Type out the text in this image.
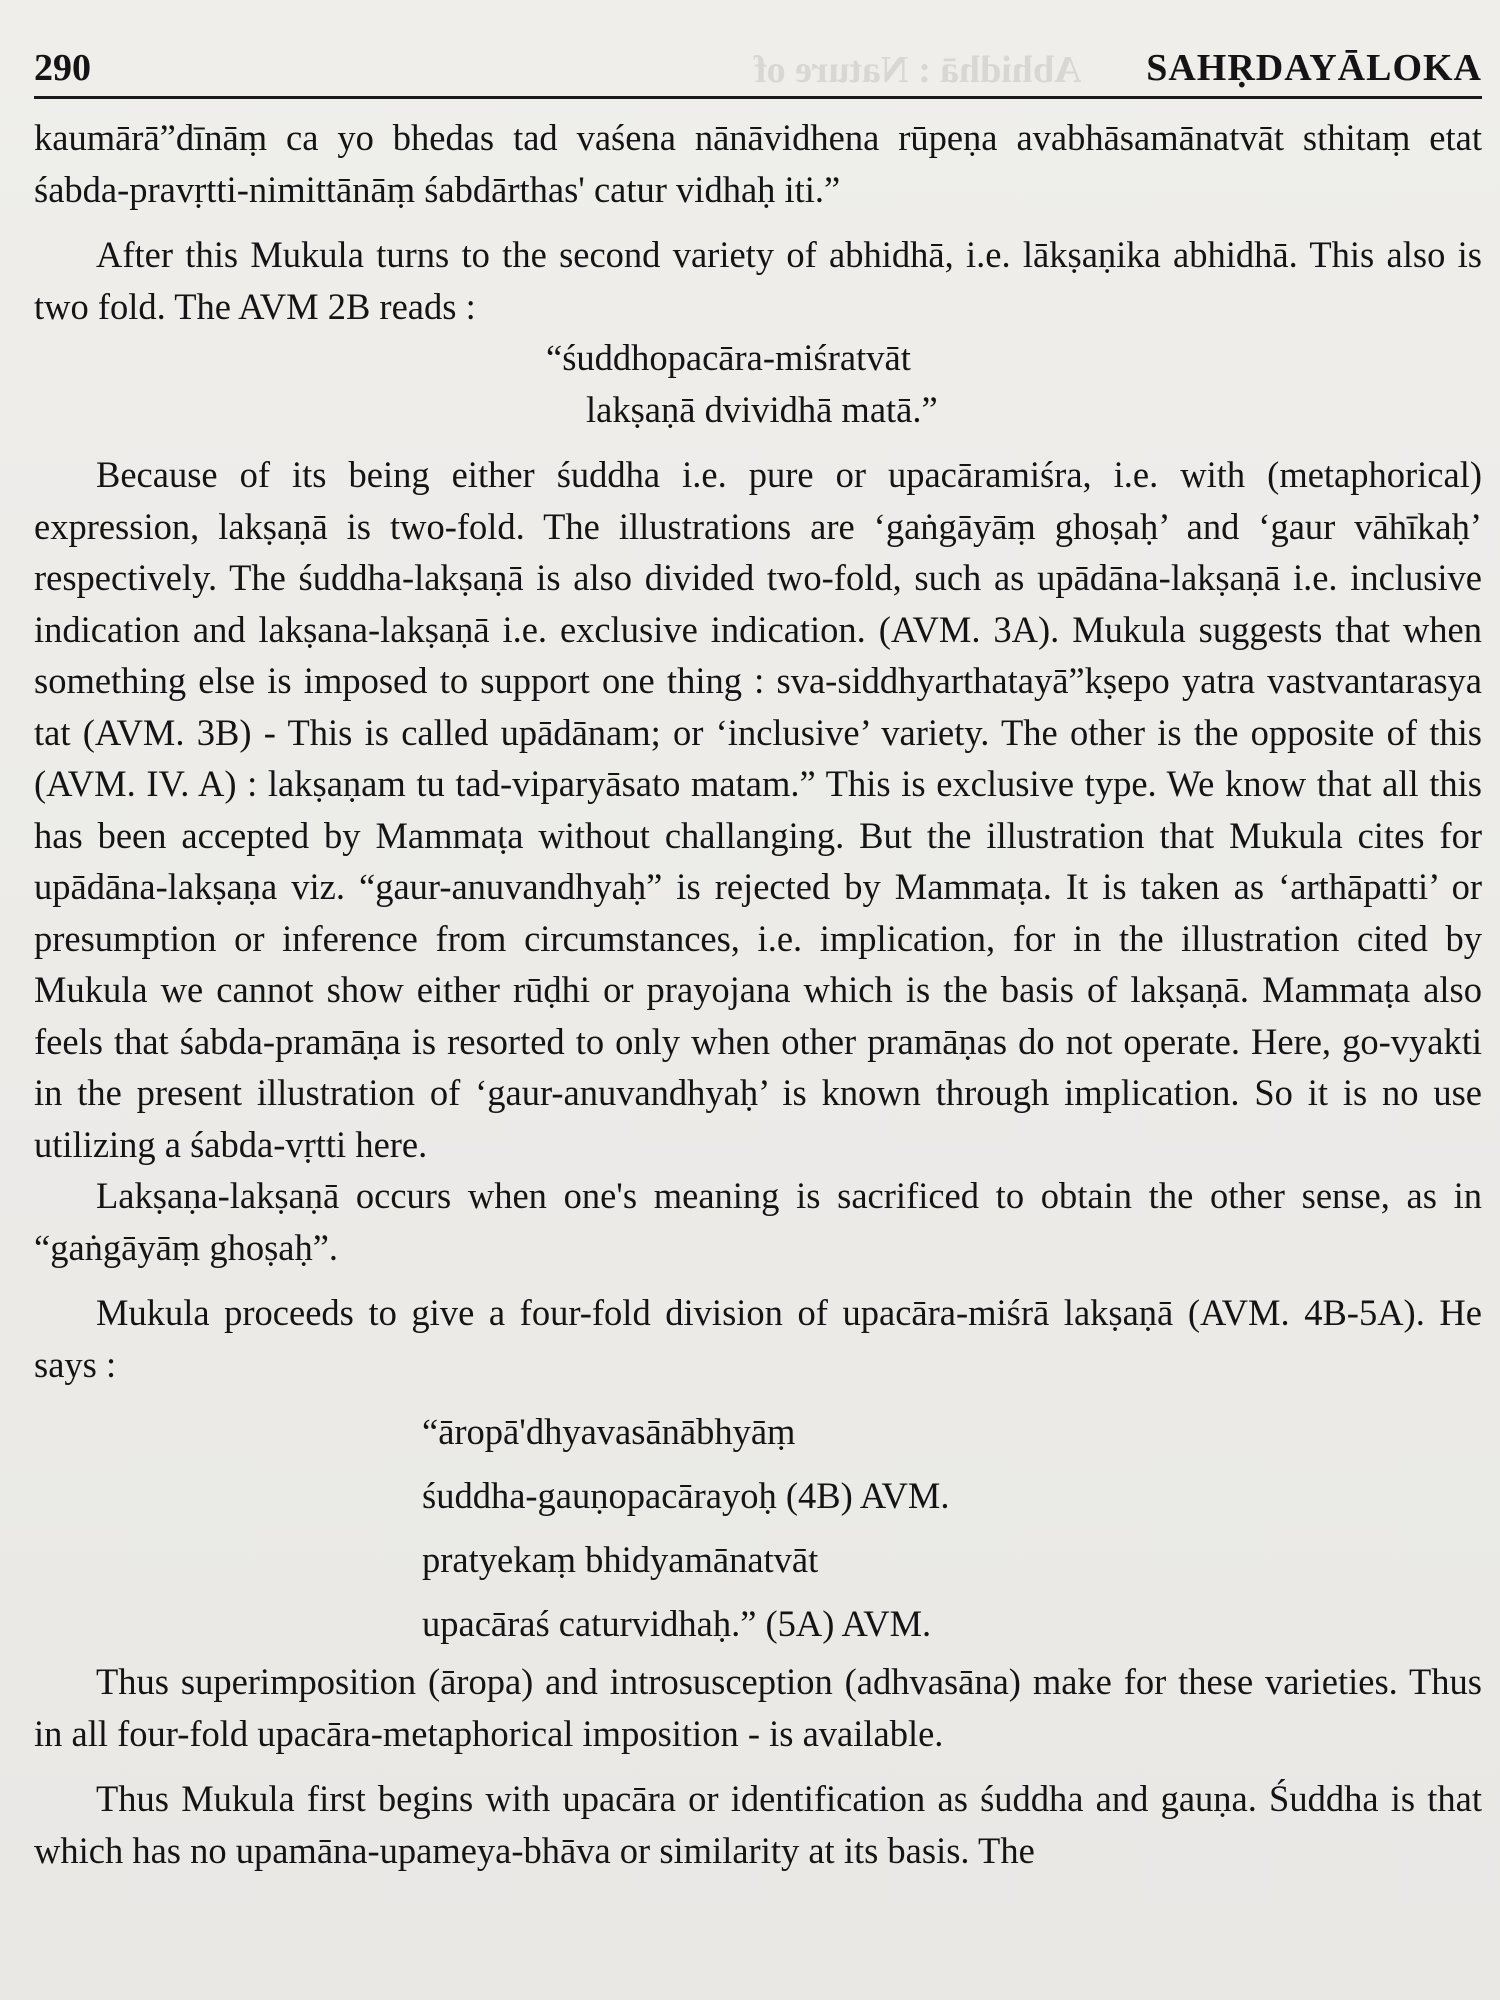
290	Abhidhā : Nature of SAHṚDAYĀLOKA

kaumārā”dīnāṃ ca yo bhedas tad vaśena nānāvidhena rūpeṇa avabhāsamānatvāt sthitaṃ etat śabda-pravṛtti-nimittānāṃ śabdārthas' catur vidhaḥ iti.”

After this Mukula turns to the second variety of abhidhā, i.e. lākṣaṇika abhidhā. This also is two fold. The AVM 2B reads :

“śuddhopacāra-miśratvāt

lakṣaṇā dvividhā matā.”

Because of its being either śuddha i.e. pure or upacāramiśra, i.e. with (metaphorical) expression, lakṣaṇā is two-fold. The illustrations are ‘gaṅgāyāṃ ghoṣaḥ’ and ‘gaur vāhīkaḥ’ respectively. The śuddha-lakṣaṇā is also divided two-fold, such as upādāna-lakṣaṇā i.e. inclusive indication and lakṣana-lakṣaṇā i.e. exclusive indication. (AVM. 3A). Mukula suggests that when something else is imposed to support one thing : sva-siddhyarthatayā”kṣepo yatra vastvantarasya tat (AVM. 3B) - This is called upādānam; or ‘inclusive’ variety. The other is the opposite of this (AVM. IV. A) : lakṣaṇam tu tad-viparyāsato matam.” This is exclusive type. We know that all this has been accepted by Mammaṭa without challanging. But the illustration that Mukula cites for upādāna-lakṣaṇa viz. “gaur-anuvandhyaḥ” is rejected by Mammaṭa. It is taken as ‘arthāpatti’ or presumption or inference from circumstances, i.e. implication, for in the illustration cited by Mukula we cannot show either rūḍhi or prayojana which is the basis of lakṣaṇā. Mammaṭa also feels that śabda-pramāṇa is resorted to only when other pramāṇas do not operate. Here, go-vyakti in the present illustration of ‘gaur-anuvandhyaḥ’ is known through implication. So it is no use utilizing a śabda-vṛtti here.

Lakṣaṇa-lakṣaṇā occurs when one's meaning is sacrificed to obtain the other sense, as in “gaṅgāyāṃ ghoṣaḥ”.

Mukula proceeds to give a four-fold division of upacāra-miśrā lakṣaṇā (AVM. 4B-5A). He says :

“āropā'dhyavasānābhyāṃ

śuddha-gauṇopacārayoḥ (4B) AVM.

pratyekaṃ bhidyamānatvāt

upacāraś caturvidhaḥ.” (5A) AVM.

Thus superimposition (āropa) and introsusception (adhvasāna) make for these varieties. Thus in all four-fold upacāra-metaphorical imposition - is available.

Thus Mukula first begins with upacāra or identification as śuddha and gauṇa. Śuddha is that which has no upamāna-upameya-bhāva or similarity at its basis. The
